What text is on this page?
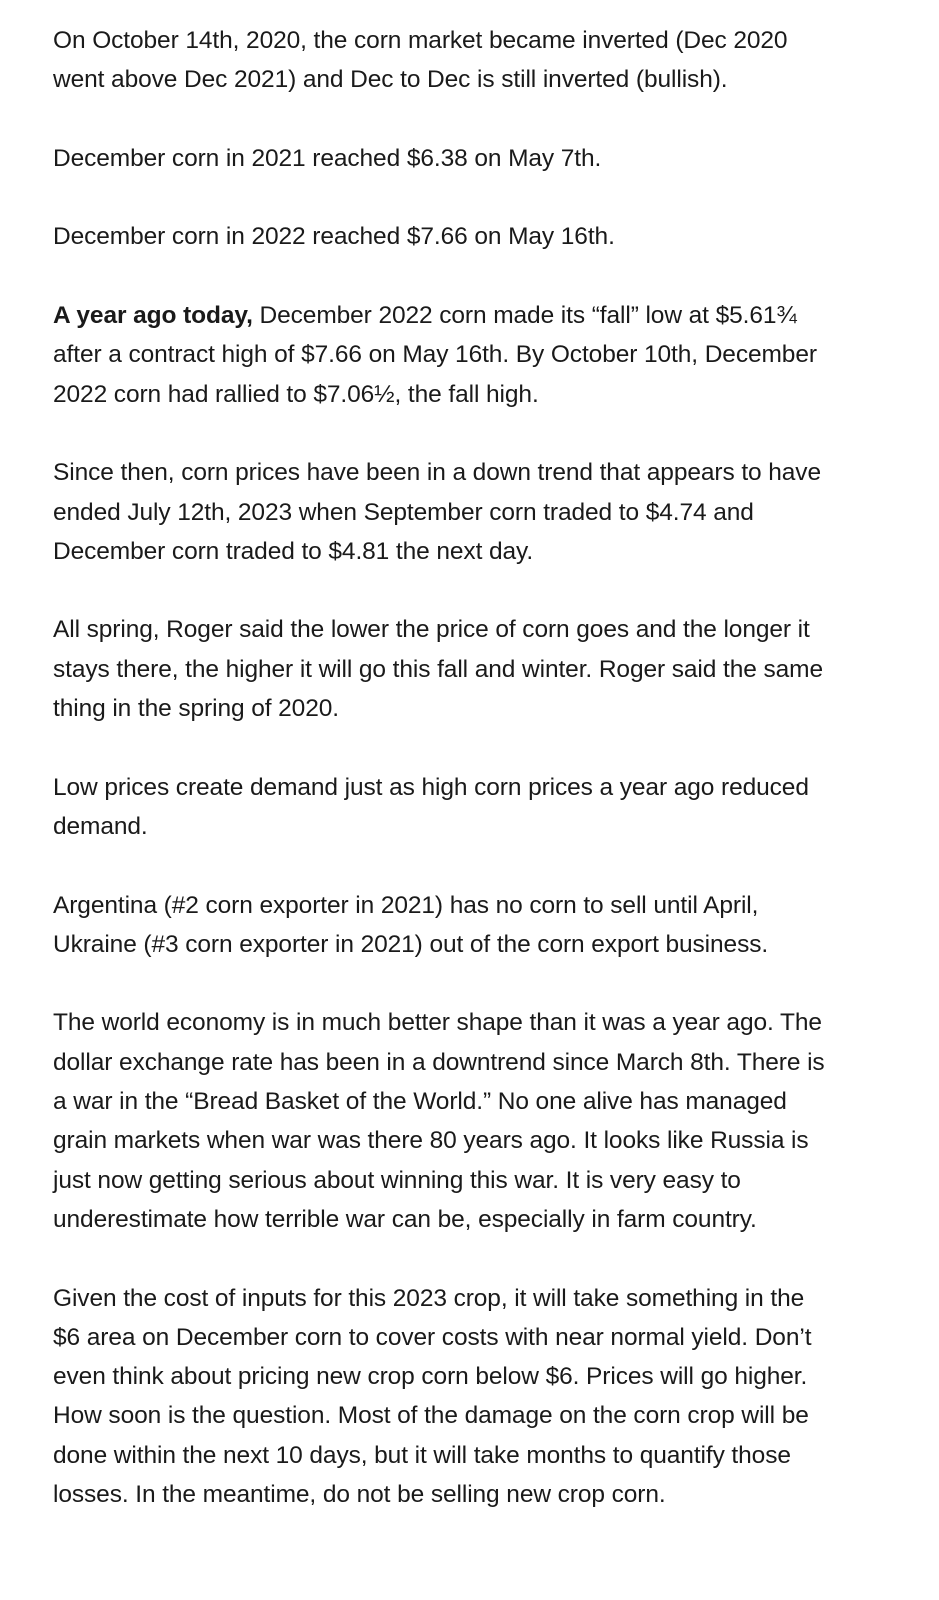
On October 14th, 2020, the corn market became inverted (Dec 2020
went above Dec 2021) and Dec to Dec is still inverted (bullish).

December corn in 2021 reached $6.38 on May 7th.

December corn in 2022 reached $7.66 on May 16th.

A year ago today, December 2022 corn made its “fall” low at $5.61¾
after a contract high of $7.66 on May 16th. By October 10th, December
2022 corn had rallied to $7.06½, the fall high.

Since then, corn prices have been in a down trend that appears to have
ended July 12th, 2023 when September corn traded to $4.74 and
December corn traded to $4.81 the next day.

All spring, Roger said the lower the price of corn goes and the longer it
stays there, the higher it will go this fall and winter. Roger said the same
thing in the spring of 2020.

Low prices create demand just as high corn prices a year ago reduced
demand.

Argentina (#2 corn exporter in 2021) has no corn to sell until April,
Ukraine (#3 corn exporter in 2021) out of the corn export business.

The world economy is in much better shape than it was a year ago. The
dollar exchange rate has been in a downtrend since March 8th. There is
a war in the “Bread Basket of the World.” No one alive has managed
grain markets when war was there 80 years ago. It looks like Russia is
just now getting serious about winning this war. It is very easy to
underestimate how terrible war can be, especially in farm country.

Given the cost of inputs for this 2023 crop, it will take something in the
$6 area on December corn to cover costs with near normal yield. Don’t
even think about pricing new crop corn below $6. Prices will go higher.
How soon is the question. Most of the damage on the corn crop will be
done within the next 10 days, but it will take months to quantify those
losses. In the meantime, do not be selling new crop corn.
